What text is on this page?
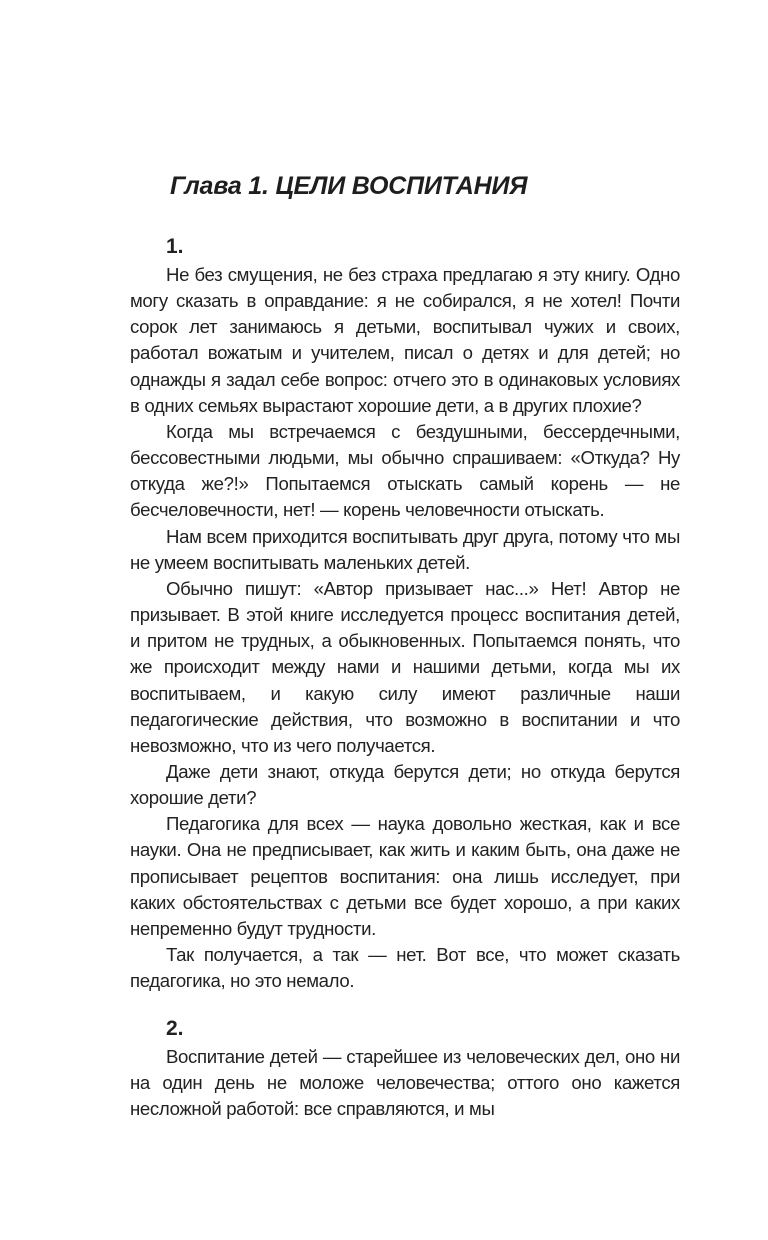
Глава 1. ЦЕЛИ ВОСПИТАНИЯ
1.

Не без смущения, не без страха предлагаю я эту книгу. Одно могу сказать в оправдание: я не собирался, я не хотел! Почти сорок лет занимаюсь я детьми, воспитывал чужих и своих, работал вожатым и учителем, писал о детях и для детей; но однажды я задал себе вопрос: отчего это в одинаковых условиях в одних семьях вырастают хорошие дети, а в других плохие?

Когда мы встречаемся с бездушными, бессердечными, бессовестными людьми, мы обычно спрашиваем: «Откуда? Ну откуда же?!» Попытаемся отыскать самый корень — не бесчеловечности, нет! — корень человечности отыскать.

Нам всем приходится воспитывать друг друга, потому что мы не умеем воспитывать маленьких детей.

Обычно пишут: «Автор призывает нас...» Нет! Автор не призывает. В этой книге исследуется процесс воспитания детей, и притом не трудных, а обыкновенных. Попытаемся понять, что же происходит между нами и нашими детьми, когда мы их воспитываем, и какую силу имеют различные наши педагогические действия, что возможно в воспитании и что невозможно, что из чего получается.

Даже дети знают, откуда берутся дети; но откуда берутся хорошие дети?

Педагогика для всех — наука довольно жесткая, как и все науки. Она не предписывает, как жить и каким быть, она даже не прописывает рецептов воспитания: она лишь исследует, при каких обстоятельствах с детьми все будет хорошо, а при каких непременно будут трудности.

Так получается, а так — нет. Вот все, что может сказать педагогика, но это немало.

2.

Воспитание детей — старейшее из человеческих дел, оно ни на один день не моложе человечества; оттого оно кажется несложной работой: все справляются, и мы
